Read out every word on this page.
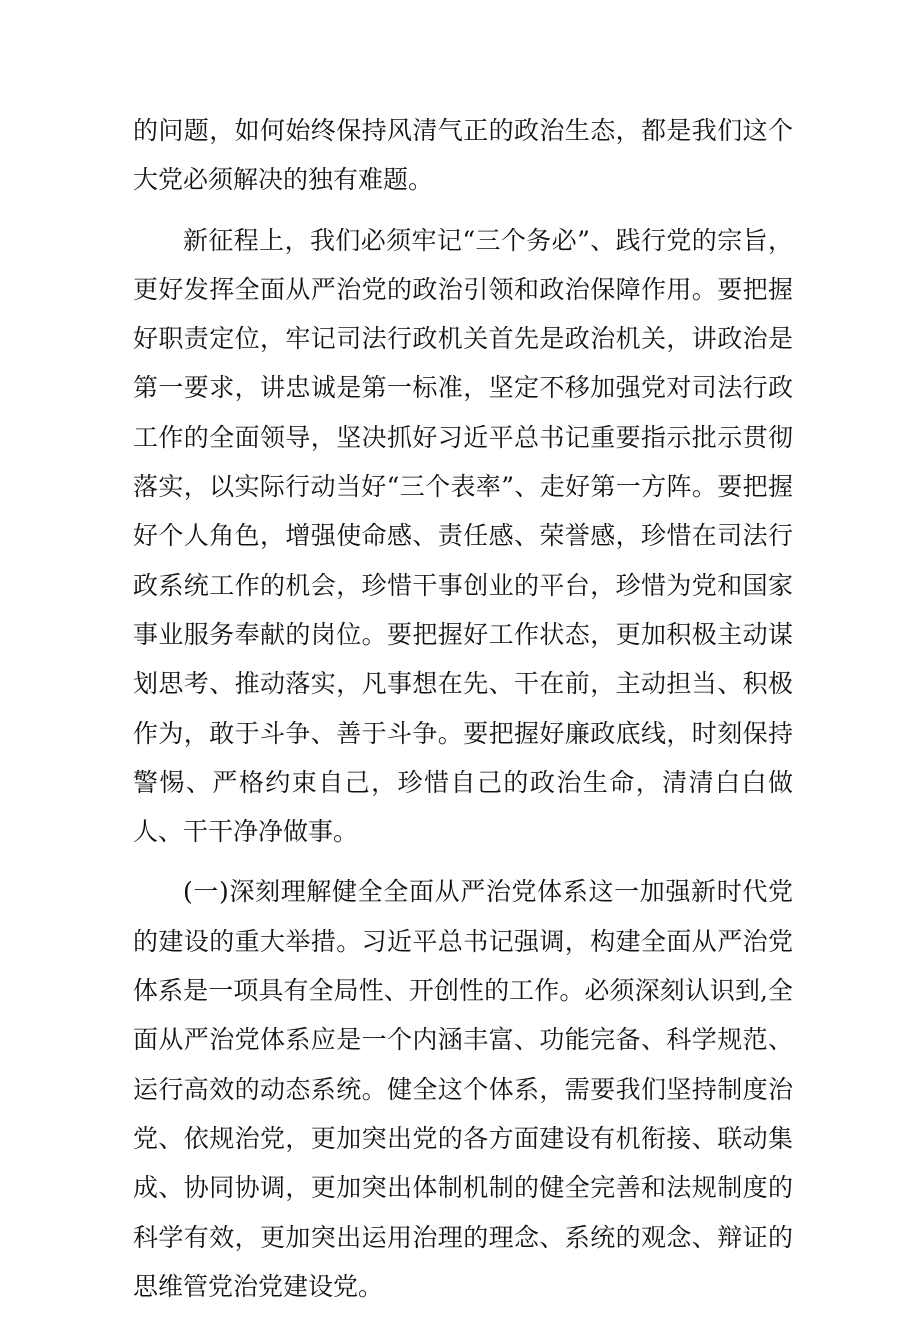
的问题，如何始终保持风清气正的政治生态，都是我们这个大党必须解决的独有难题。

新征程上，我们必须牢记“三个务必”、践行党的宗旨，更好发挥全面从严治党的政治引领和政治保障作用。要把握好职责定位，牢记司法行政机关首先是政治机关，讲政治是第一要求，讲忠诚是第一标准，坚定不移加强党对司法行政工作的全面领导，坚决抓好习近平总书记重要指示批示贯彻落实，以实际行动当好“三个表率”、走好第一方阵。要把握好个人角色，增强使命感、责任感、荣誉感，珍惜在司法行政系统工作的机会，珍惜干事创业的平台，珍惜为党和国家事业服务奉献的岗位。要把握好工作状态，更加积极主动谋划思考、推动落实，凡事想在先、干在前，主动担当、积极作为，敢于斗争、善于斗争。要把握好廉政底线，时刻保持警惕、严格约束自己，珍惜自己的政治生命，清清白白做人、干干净净做事。

(一)深刻理解健全全面从严治党体系这一加强新时代党的建设的重大举措。习近平总书记强调，构建全面从严治党体系是一项具有全局性、开创性的工作。必须深刻认识到,全面从严治党体系应是一个内涵丰富、功能完备、科学规范、运行高效的动态系统。健全这个体系，需要我们坚持制度治党、依规治党，更加突出党的各方面建设有机衔接、联动集成、协同协调，更加突出体制机制的健全完善和法规制度的科学有效，更加突出运用治理的理念、系统的观念、辩证的思维管党治党建设党。
